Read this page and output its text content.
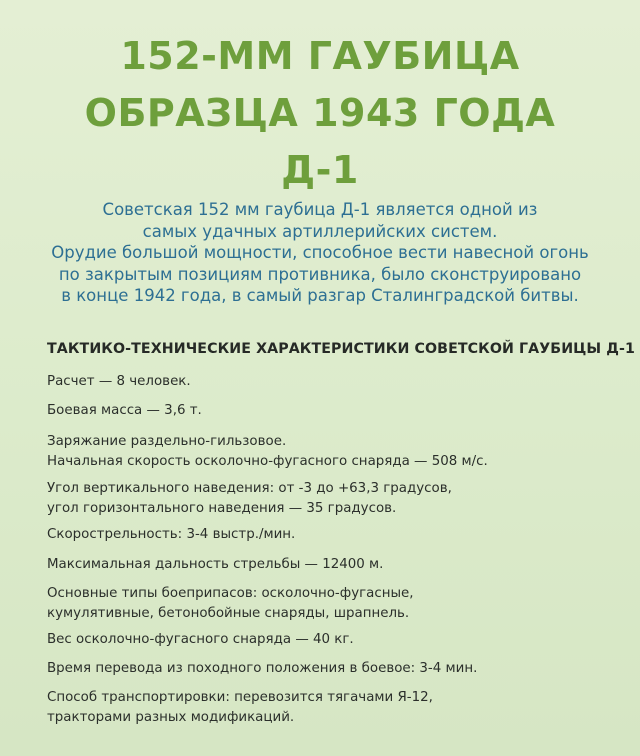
152-ММ ГАУБИЦА
ОБРАЗЦА 1943 ГОДА
Д-1
Советская 152 мм гаубица Д-1 является одной из
самых удачных артиллерийских систем.
Орудие большой мощности, способное вести навесной огонь
по закрытым позициям противника, было сконструировано
в конце 1942 года, в самый разгар Сталинградской битвы.
ТАКТИКО-ТЕХНИЧЕСКИЕ ХАРАКТЕРИСТИКИ СОВЕТСКОЙ ГАУБИЦЫ Д-1
Расчет — 8 человек.
Боевая масса — 3,6 т.
Заряжание раздельно-гильзовое.
Начальная скорость осколочно-фугасного снаряда — 508 м/с.
Угол вертикального наведения: от -3 до +63,3 градусов,
угол горизонтального наведения — 35 градусов.
Скорострельность: 3-4 выстр./мин.
Максимальная дальность стрельбы — 12400 м.
Основные типы боеприпасов: осколочно-фугасные,
кумулятивные, бетонобойные снаряды, шрапнель.
Вес осколочно-фугасного снаряда — 40 кг.
Время перевода из походного положения в боевое: 3-4 мин.
Способ транспортировки: перевозится тягачами Я-12,
тракторами разных модификаций.
